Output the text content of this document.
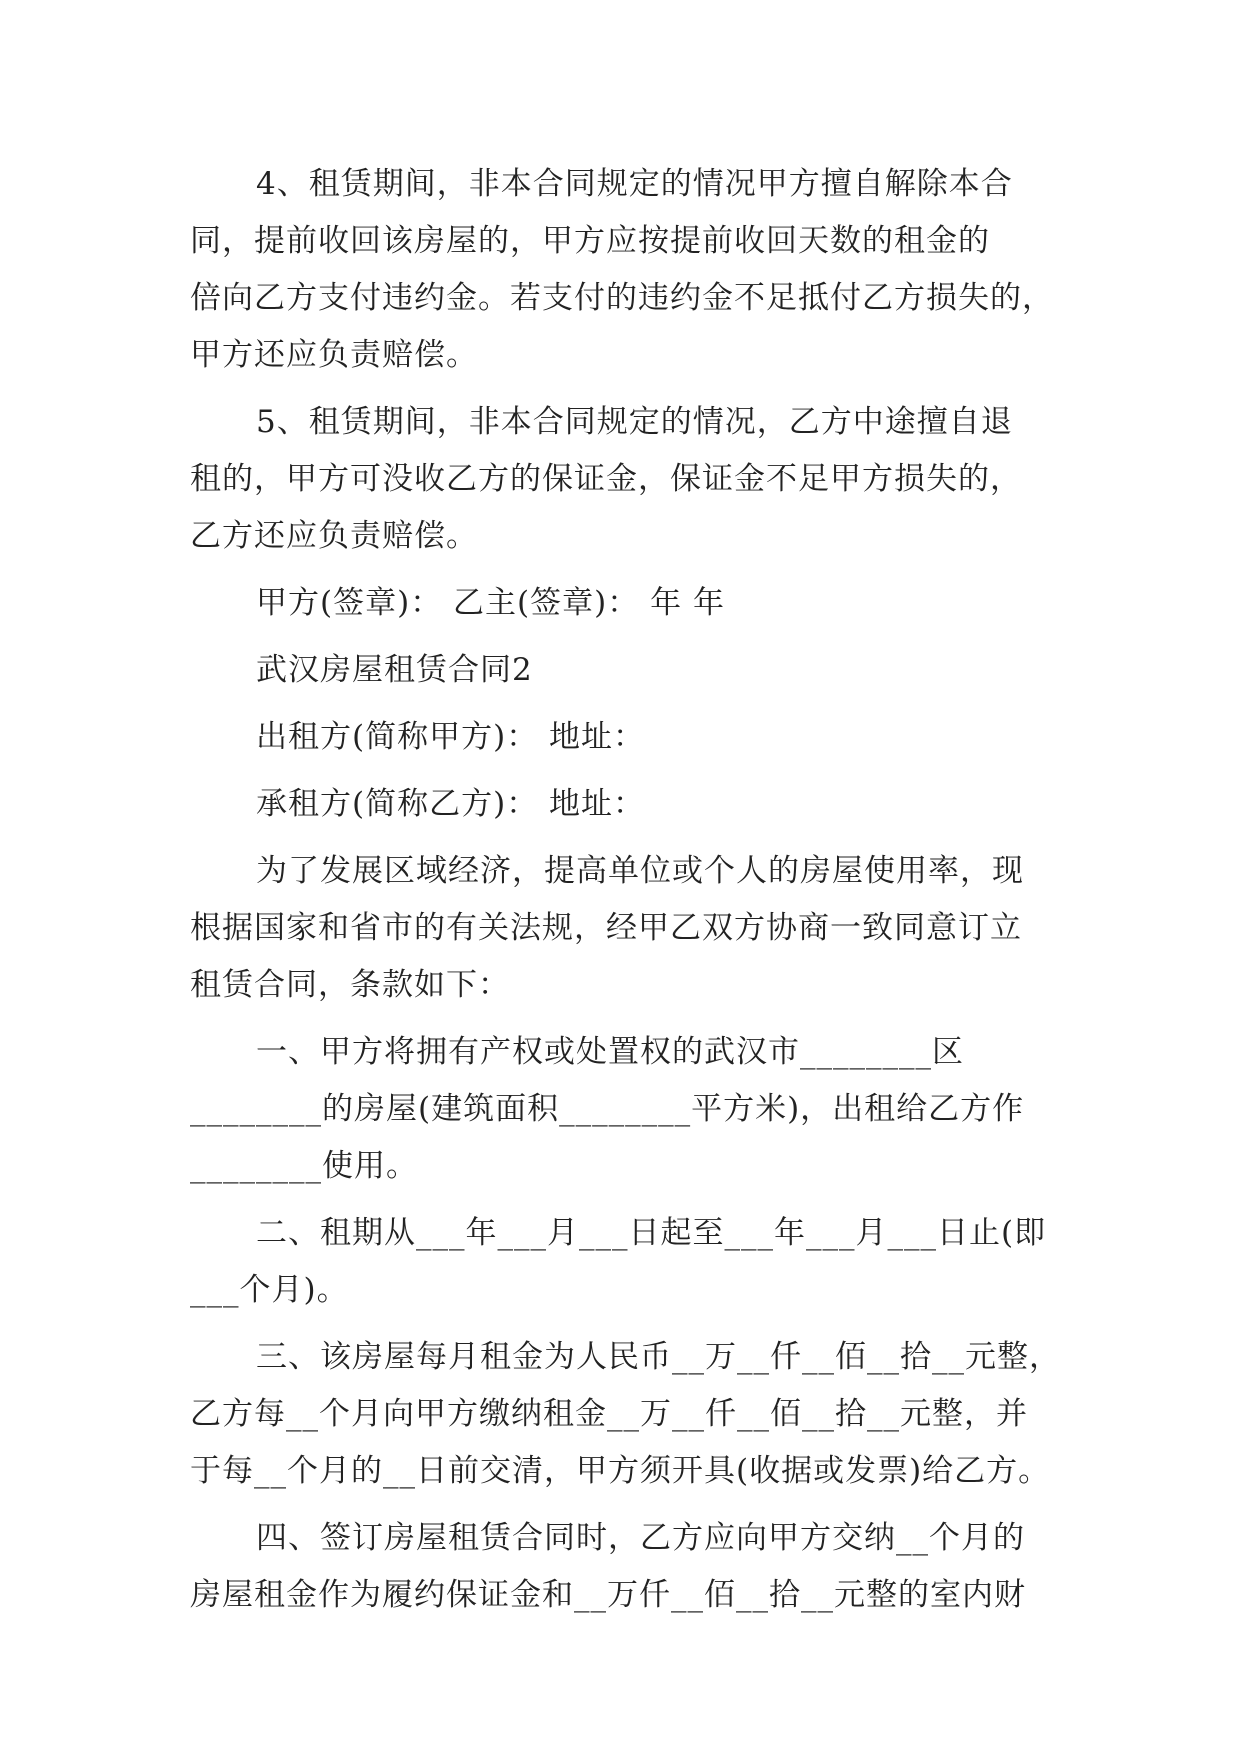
4、租赁期间，非本合同规定的情况甲方擅自解除本合
同，提前收回该房屋的，甲方应按提前收回天数的租金的
倍向乙方支付违约金。若支付的违约金不足抵付乙方损失的，
甲方还应负责赔偿。
5、租赁期间，非本合同规定的情况，乙方中途擅自退
租的，甲方可没收乙方的保证金，保证金不足甲方损失的，
乙方还应负责赔偿。
甲方(签章)： 乙主(签章)： 年 年
武汉房屋租赁合同2
出租方(简称甲方)： 地址：
承租方(简称乙方)： 地址：
为了发展区域经济，提高单位或个人的房屋使用率，现
根据国家和省市的有关法规，经甲乙双方协商一致同意订立
租赁合同，条款如下：
一、甲方将拥有产权或处置权的武汉市________区
________的房屋(建筑面积________平方米)，出租给乙方作
________使用。
二、租期从___年___月___日起至___年___月___日止(即
___个月)。
三、该房屋每月租金为人民币__万__仟__佰__拾__元整，
乙方每__个月向甲方缴纳租金__万__仟__佰__拾__元整，并
于每__个月的__日前交清，甲方须开具(收据或发票)给乙方。
四、签订房屋租赁合同时，乙方应向甲方交纳__个月的
房屋租金作为履约保证金和__万仟__佰__拾__元整的室内财
